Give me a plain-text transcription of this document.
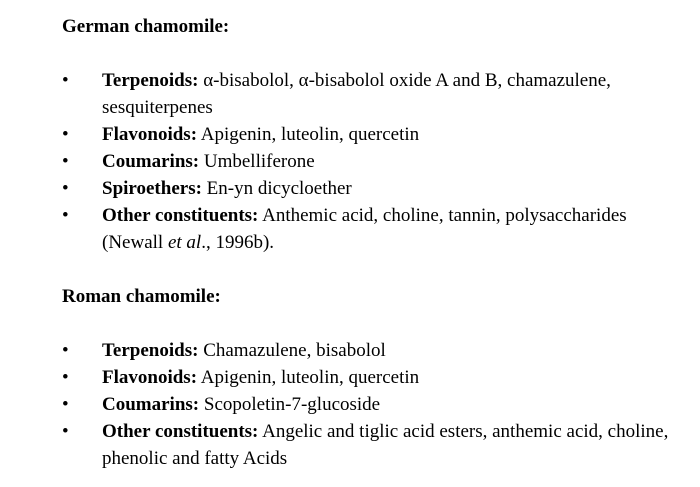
German chamomile:
• Terpenoids: α-bisabolol, α-bisabolol oxide A and B, chamazulene, sesquiterpenes
• Flavonoids: Apigenin, luteolin, quercetin
• Coumarins: Umbelliferone
• Spiroethers: En-yn dicycloether
• Other constituents: Anthemic acid, choline, tannin, polysaccharides (Newall et al., 1996b).
Roman chamomile:
• Terpenoids: Chamazulene, bisabolol
• Flavonoids: Apigenin, luteolin, quercetin
• Coumarins: Scopoletin-7-glucoside
• Other constituents: Angelic and tiglic acid esters, anthemic acid, choline, phenolic and fatty Acids
